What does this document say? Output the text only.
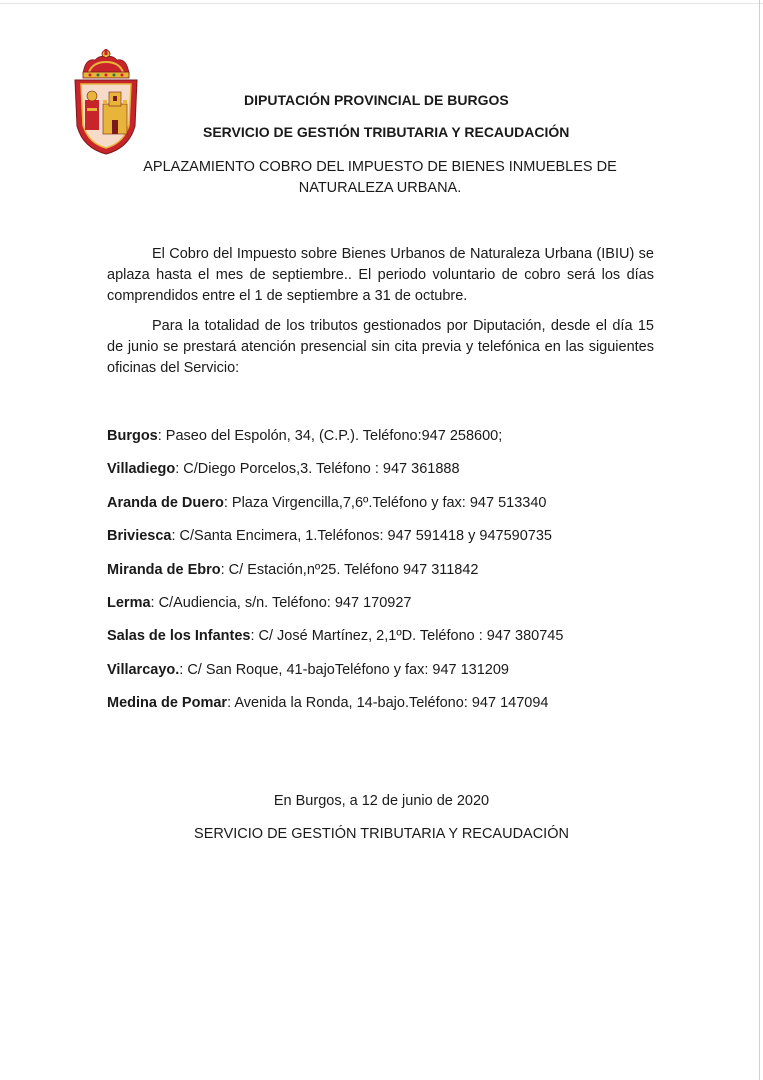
DIPUTACIÓN PROVINCIAL DE BURGOS
SERVICIO DE GESTIÓN TRIBUTARIA Y RECAUDACIÓN
APLAZAMIENTO COBRO DEL IMPUESTO DE BIENES INMUEBLES DE NATURALEZA URBANA.

El Cobro del Impuesto sobre Bienes Urbanos de Naturaleza Urbana (IBIU) se aplaza hasta el mes de septiembre.. El periodo voluntario de cobro será los días comprendidos entre el 1 de septiembre a 31 de octubre.

Para la totalidad de los tributos gestionados por Diputación, desde el día 15 de junio se prestará atención presencial sin cita previa y telefónica en las siguientes oficinas del Servicio:

Burgos: Paseo del Espolón, 34, (C.P.). Teléfono:947 258600;
Villadiego: C/Diego Porcelos,3. Teléfono : 947 361888
Aranda de Duero: Plaza Virgencilla,7,6º.Teléfono y fax: 947 513340
Briviesca: C/Santa Encimera, 1.Teléfonos: 947 591418 y 947590735
Miranda de Ebro: C/ Estación,nº25. Teléfono 947 311842
Lerma: C/Audiencia, s/n. Teléfono: 947 170927
Salas de los Infantes: C/ José Martínez, 2,1ºD. Teléfono : 947 380745
Villarcayo.: C/ San Roque, 41-bajoTeléfono y fax: 947 131209
Medina de Pomar: Avenida la Ronda, 14-bajo.Teléfono: 947 147094
En Burgos, a 12 de junio de 2020
SERVICIO DE GESTIÓN TRIBUTARIA Y RECAUDACIÓN
